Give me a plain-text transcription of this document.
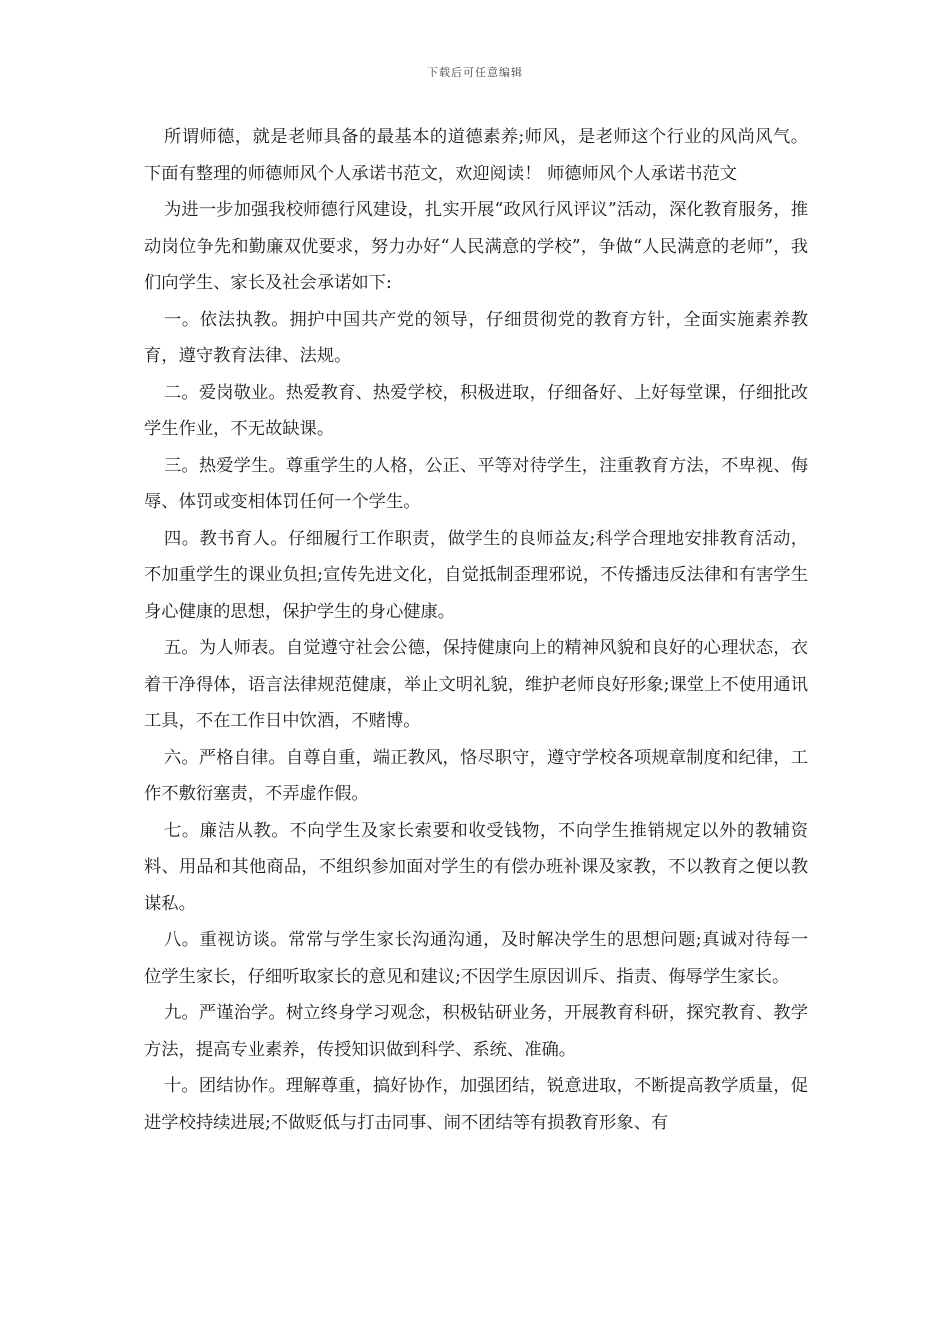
下载后可任意编辑

所谓师德，就是老师具备的最基本的道德素养;师风，是老师这个行业的风尚风气。下面有整理的师德师风个人承诺书范文，欢迎阅读！ 师德师风个人承诺书范文

为进一步加强我校师德行风建设，扎实开展“政风行风评议”活动，深化教育服务，推动岗位争先和勤廉双优要求，努力办好“人民满意的学校”，争做“人民满意的老师”，我们向学生、家长及社会承诺如下:

一。依法执教。拥护中国共产党的领导，仔细贯彻党的教育方针，全面实施素养教育，遵守教育法律、法规。

二。爱岗敬业。热爱教育、热爱学校，积极进取，仔细备好、上好每堂课，仔细批改学生作业，不无故缺课。

三。热爱学生。尊重学生的人格，公正、平等对待学生，注重教育方法，不卑视、侮辱、体罚或变相体罚任何一个学生。

四。教书育人。仔细履行工作职责，做学生的良师益友;科学合理地安排教育活动，不加重学生的课业负担;宣传先进文化，自觉抵制歪理邪说，不传播违反法律和有害学生身心健康的思想，保护学生的身心健康。

五。为人师表。自觉遵守社会公德，保持健康向上的精神风貌和良好的心理状态，衣着干净得体，语言法律规范健康，举止文明礼貌，维护老师良好形象;课堂上不使用通讯工具，不在工作日中饮酒，不赌博。

六。严格自律。自尊自重，端正教风，恪尽职守，遵守学校各项规章制度和纪律，工作不敷衍塞责，不弄虚作假。

七。廉洁从教。不向学生及家长索要和收受钱物，不向学生推销规定以外的教辅资料、用品和其他商品，不组织参加面对学生的有偿办班补课及家教，不以教育之便以教谋私。

八。重视访谈。常常与学生家长沟通沟通，及时解决学生的思想问题;真诚对待每一位学生家长，仔细听取家长的意见和建议;不因学生原因训斥、指责、侮辱学生家长。

九。严谨治学。树立终身学习观念，积极钻研业务，开展教育科研，探究教育、教学方法，提高专业素养，传授知识做到科学、系统、准确。

十。团结协作。理解尊重，搞好协作，加强团结，锐意进取，不断提高教学质量，促进学校持续进展;不做贬低与打击同事、闹不团结等有损教育形象、有
